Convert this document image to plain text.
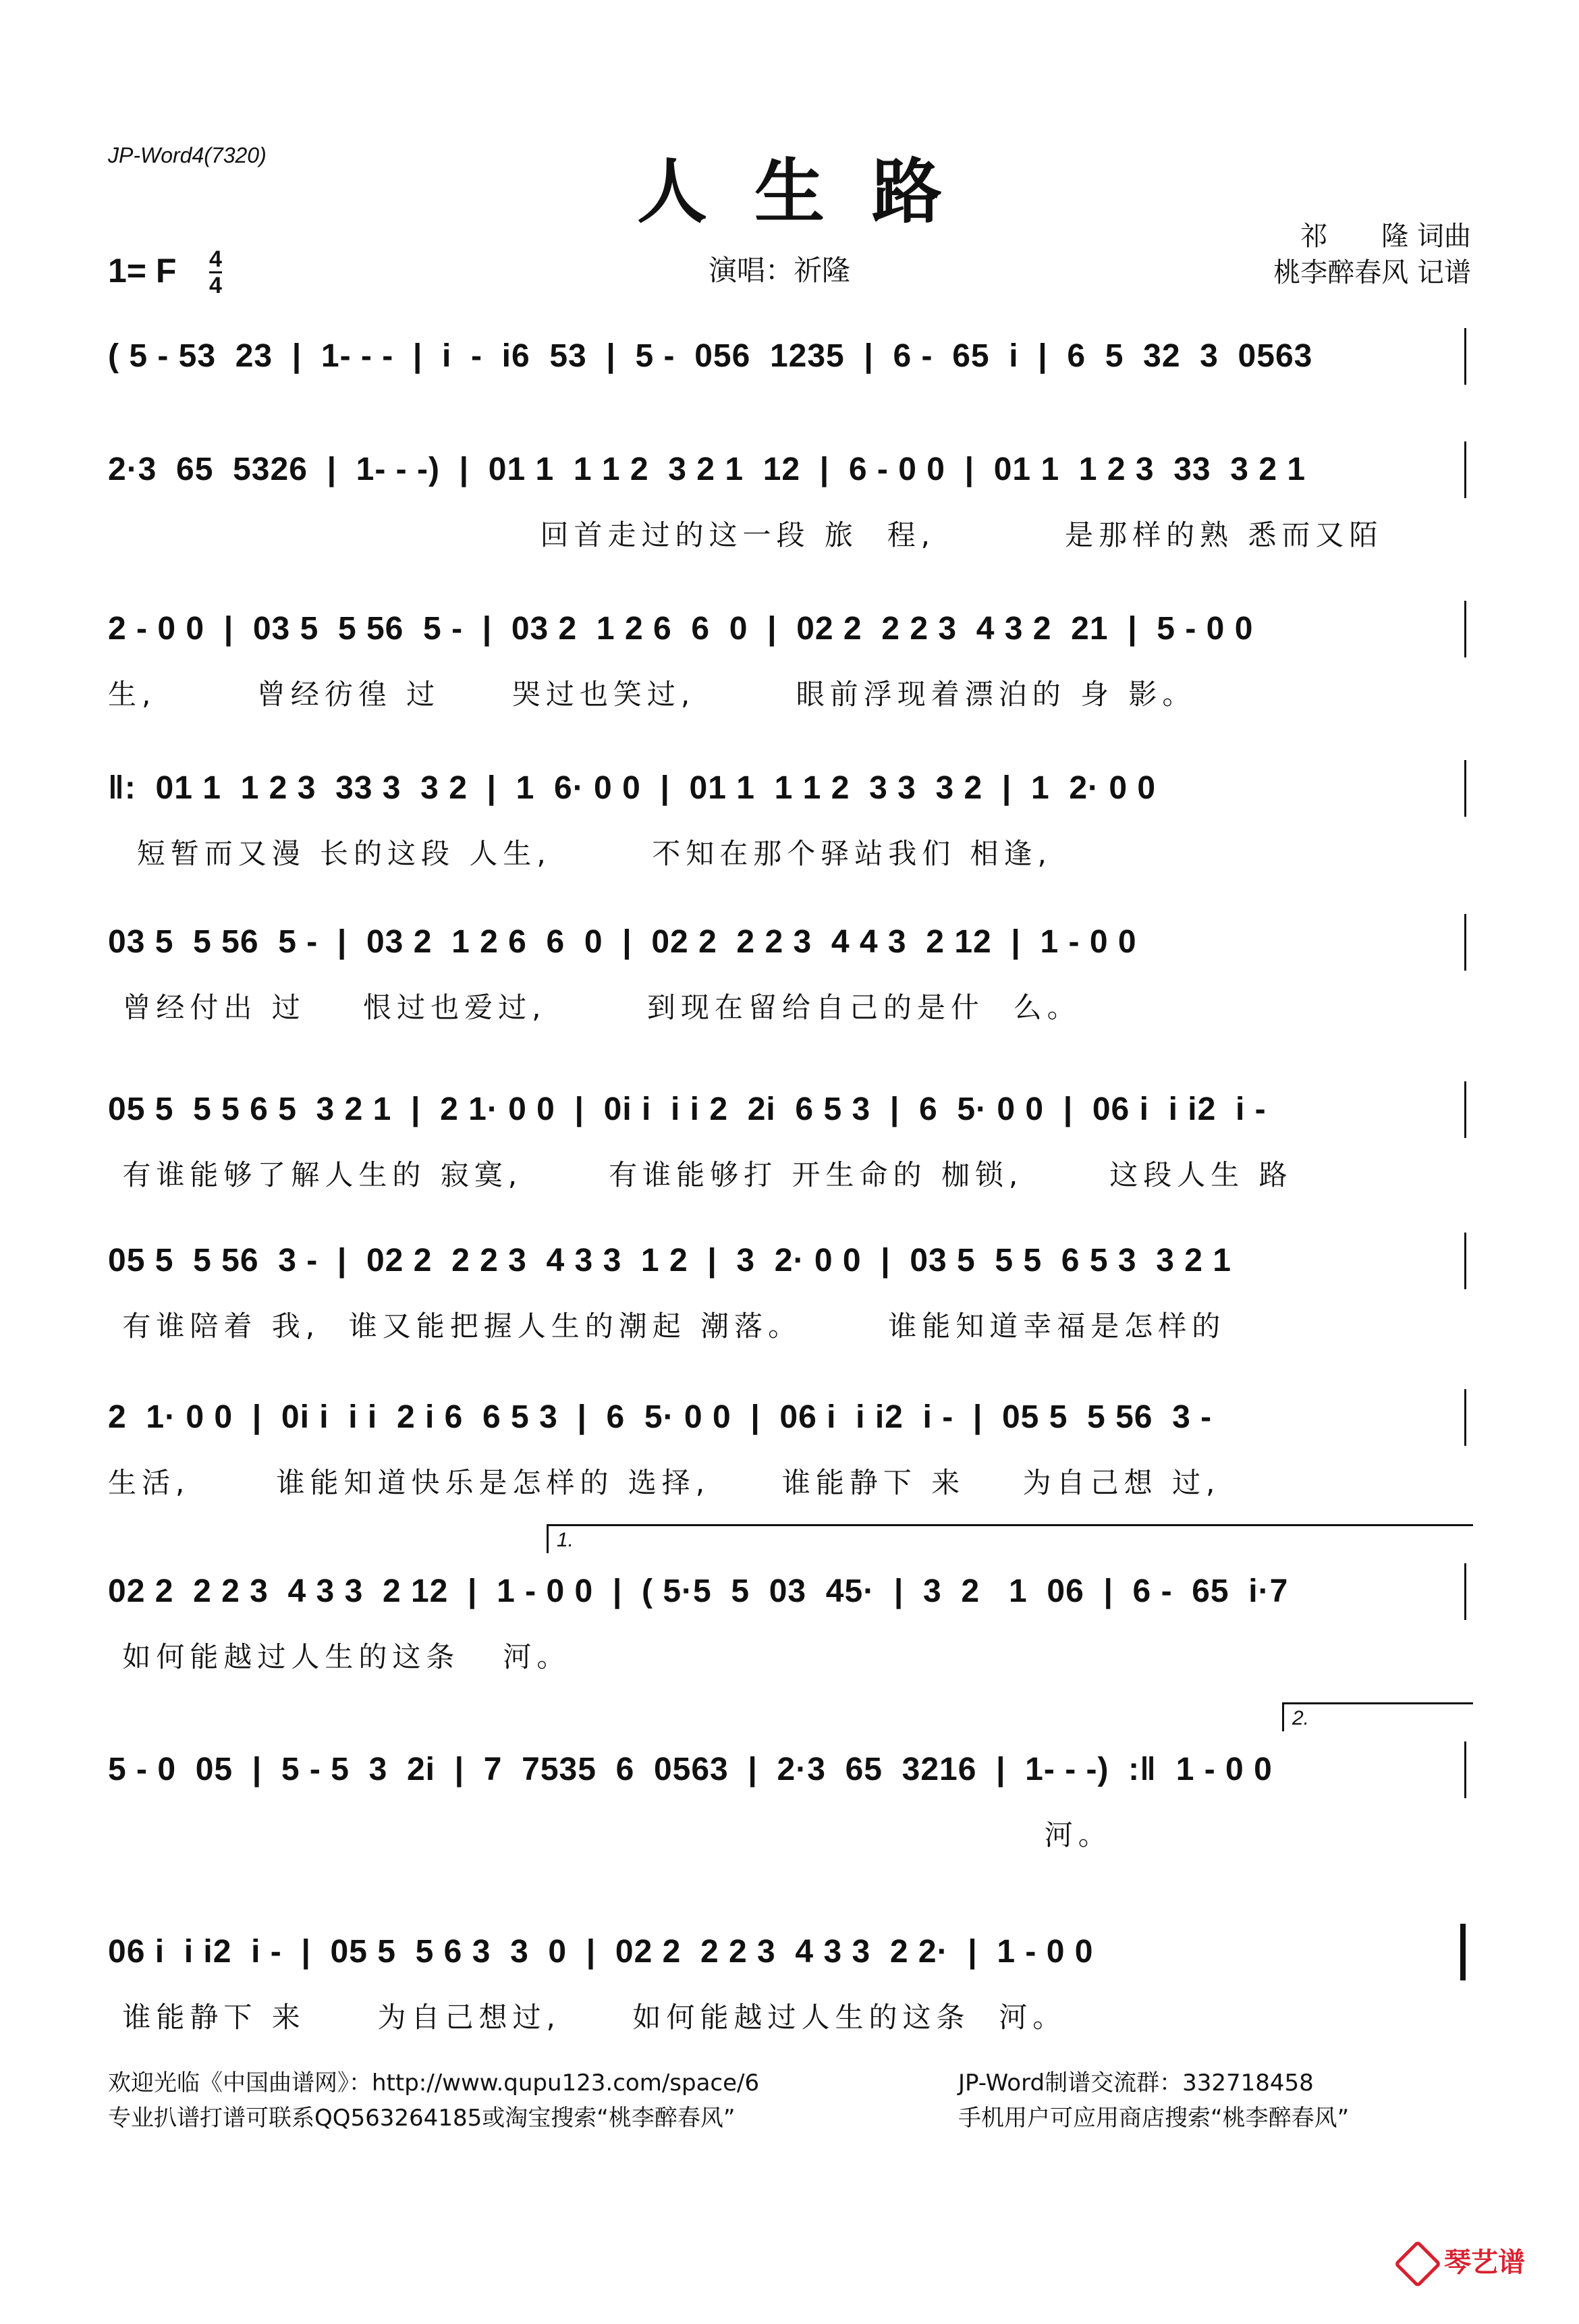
JP-Word4(7320)	人生路
祁　　隆 词曲
桃李醉春风 记谱
1= F 4
4	演唱：祈隆
( 5 - 53  23  |  1- - -  |  i  -  i6  53  |  5 -  056  1235  |  6 -  65  i  |  6  5  32  3  0563
2·3  65  5326  |  1- - -)  |  01 1  1 1 2  3 2 1  12  |  6 - 0 0  |  01 1  1 2 3  33  3 2 1
回首走过的这一段 旅  程,         是那样的熟 悉而又陌
2 - 0 0  |  03 5  5 56  5 -  |  03 2  1 2 6  6  0  |  02 2  2 2 3  4 3 2  21  |  5 - 0 0
生,       曾经彷徨 过     哭过也笑过,       眼前浮现着漂泊的 身 影。
‖:  01 1  1 2 3  33 3  3 2  |  1  6· 0 0  |  01 1  1 1 2  3 3  3 2  |  1  2· 0 0
短暂而又漫 长的这段 人生,       不知在那个驿站我们 相逢,
03 5  5 56  5 -  |  03 2  1 2 6  6  0  |  02 2  2 2 3  4 4 3  2 12  |  1 - 0 0
曾经付出 过    恨过也爱过,       到现在留给自己的是什  么。
05 5  5 5 6 5  3 2 1  |  2 1· 0 0  |  0i i  i i 2  2i  6 5 3  |  6  5· 0 0  |  06 i  i i2  i -
有谁能够了解人生的 寂寞,      有谁能够打 开生命的 枷锁,      这段人生 路
05 5  5 56  3 -  |  02 2  2 2 3  4 3 3  1 2  |  3  2· 0 0  |  03 5  5 5  6 5 3  3 2 1
有谁陪着 我,  谁又能把握人生的潮起 潮落。      谁能知道幸福是怎样的
2  1· 0 0  |  0i i  i i  2 i 6  6 5 3  |  6  5· 0 0  |  06 i  i i2  i -  |  05 5  5 56  3 -
生活,      谁能知道快乐是怎样的 选择,     谁能静下 来    为自己想 过,
1.
02 2  2 2 3  4 3 3  2 12  |  1 - 0 0  |  ( 5·5  5  03  45·  |  3  2   1  06  |  6 -  65  i·7
如何能越过人生的这条   河。
2.
5 - 0  05  |  5 - 5  3  2i  |  7  7535  6  0563  |  2·3  65  3216  |  1- - -)  :‖  1 - 0 0
河。
06 i  i i2  i -  |  05 5  5 6 3  3  0  |  02 2  2 2 3  4 3 3  2 2·  |  1 - 0 0
谁能静下 来     为自己想过,     如何能越过人生的这条  河。
欢迎光临《中国曲谱网》：http://www.qupu123.com/space/6
专业扒谱打谱可联系QQ563264185或淘宝搜索“桃李醉春风”
JP-Word制谱交流群：332718458
手机用户可应用商店搜索“桃李醉春风”
琴艺谱
